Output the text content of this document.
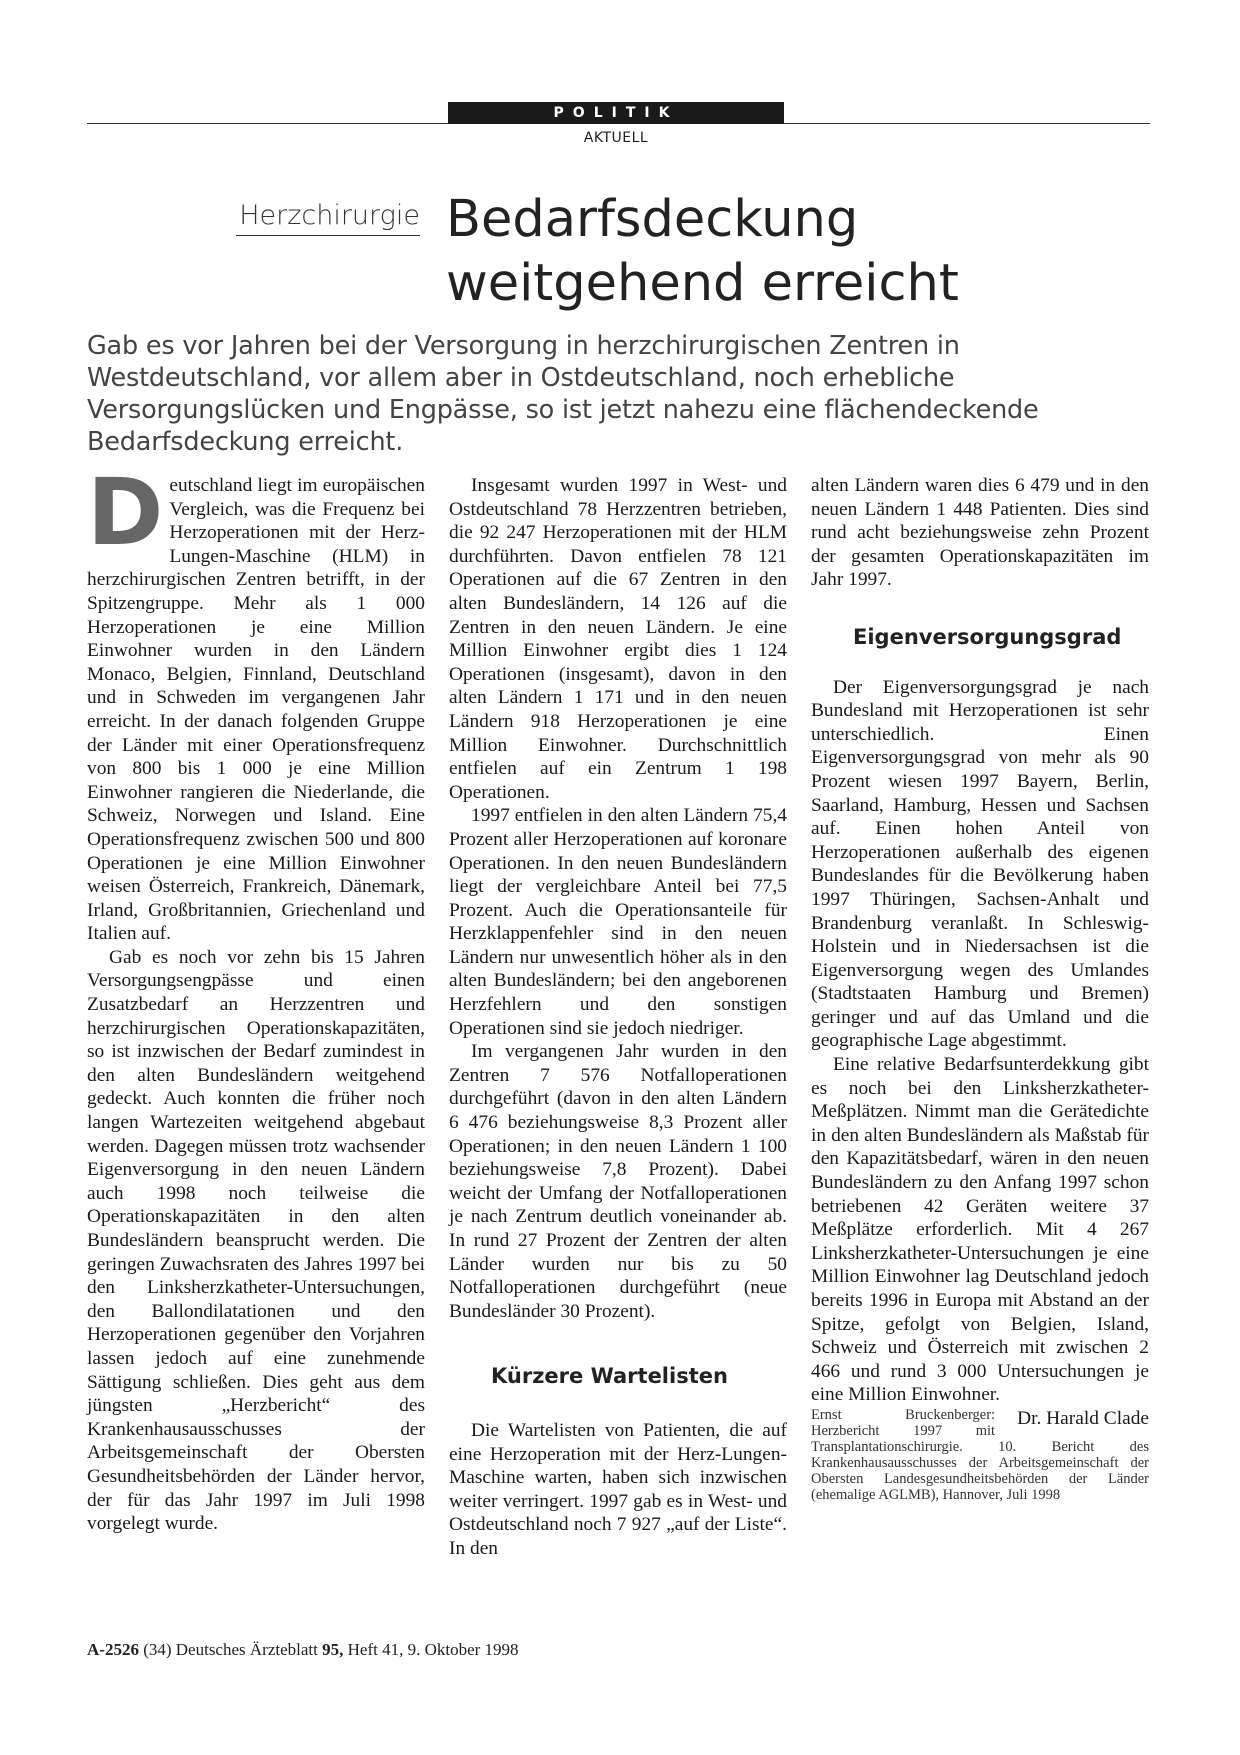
POLITIK
AKTUELL
Herzchirurgie Bedarfsdeckung
weitgehend erreicht
Gab es vor Jahren bei der Versorgung in herzchirurgischen Zentren in Westdeutschland, vor allem aber in Ostdeutschland, noch erhebliche Versorgungslücken und Engpässe, so ist jetzt nahezu eine flächendeckende Bedarfsdeckung erreicht.

Deutschland liegt im europäischen Vergleich, was die Frequenz bei Herzoperationen mit der Herz-Lungen-Maschine (HLM) in herzchirurgischen Zentren betrifft, in der Spitzengruppe. Mehr als 1 000 Herzoperationen je eine Million Einwohner wurden in den Ländern Monaco, Belgien, Finnland, Deutschland und in Schweden im vergangenen Jahr erreicht. In der danach folgenden Gruppe der Länder mit einer Operationsfrequenz von 800 bis 1 000 je eine Million Einwohner rangieren die Niederlande, die Schweiz, Norwegen und Island. Eine Operationsfrequenz zwischen 500 und 800 Operationen je eine Million Einwohner weisen Österreich, Frankreich, Dänemark, Irland, Großbritannien, Griechenland und Italien auf.

Gab es noch vor zehn bis 15 Jahren Versorgungsengpässe und einen Zusatzbedarf an Herzzentren und herzchirurgischen Operationskapazitäten, so ist inzwischen der Bedarf zumindest in den alten Bundesländern weitgehend gedeckt. Auch konnten die früher noch langen Wartezeiten weitgehend abgebaut werden. Dagegen müssen trotz wachsender Eigenversorgung in den neuen Ländern auch 1998 noch teilweise die Operationskapazitäten in den alten Bundesländern beansprucht werden. Die geringen Zuwachsraten des Jahres 1997 bei den Linksherzkatheter-Untersuchungen, den Ballondilatationen und den Herzoperationen gegenüber den Vorjahren lassen jedoch auf eine zunehmende Sättigung schließen. Dies geht aus dem jüngsten „Herzbericht“ des Krankenhausausschusses der Arbeitsgemeinschaft der Obersten Gesundheitsbehörden der Länder hervor, der für das Jahr 1997 im Juli 1998 vorgelegt wurde.

Insgesamt wurden 1997 in West- und Ostdeutschland 78 Herzzentren betrieben, die 92 247 Herzoperationen mit der HLM durchführten. Davon entfielen 78 121 Operationen auf die 67 Zentren in den alten Bundesländern, 14 126 auf die Zentren in den neuen Ländern. Je eine Million Einwohner ergibt dies 1 124 Operationen (insgesamt), davon in den alten Ländern 1 171 und in den neuen Ländern 918 Herzoperationen je eine Million Einwohner. Durchschnittlich entfielen auf ein Zentrum 1 198 Operationen.

1997 entfielen in den alten Ländern 75,4 Prozent aller Herzoperationen auf koronare Operationen. In den neuen Bundesländern liegt der vergleichbare Anteil bei 77,5 Prozent. Auch die Operationsanteile für Herzklappenfehler sind in den neuen Ländern nur unwesentlich höher als in den alten Bundesländern; bei den angeborenen Herzfehlern und den sonstigen Operationen sind sie jedoch niedriger.

Im vergangenen Jahr wurden in den Zentren 7 576 Notfalloperationen durchgeführt (davon in den alten Ländern 6 476 beziehungsweise 8,3 Prozent aller Operationen; in den neuen Ländern 1 100 beziehungsweise 7,8 Prozent). Dabei weicht der Umfang der Notfalloperationen je nach Zentrum deutlich voneinander ab. In rund 27 Prozent der Zentren der alten Länder wurden nur bis zu 50 Notfalloperationen durchgeführt (neue Bundesländer 30 Prozent).

Kürzere Wartelisten

Die Wartelisten von Patienten, die auf eine Herzoperation mit der Herz-Lungen-Maschine warten, haben sich inzwischen weiter verringert. 1997 gab es in West- und Ostdeutschland noch 7 927 „auf der Liste“. In den

alten Ländern waren dies 6 479 und in den neuen Ländern 1 448 Patienten. Dies sind rund acht beziehungsweise zehn Prozent der gesamten Operationskapazitäten im Jahr 1997.

Eigenversorgungsgrad

Der Eigenversorgungsgrad je nach Bundesland mit Herzoperationen ist sehr unterschiedlich. Einen Eigenversorgungsgrad von mehr als 90 Prozent wiesen 1997 Bayern, Berlin, Saarland, Hamburg, Hessen und Sachsen auf. Einen hohen Anteil von Herzoperationen außerhalb des eigenen Bundeslandes für die Bevölkerung haben 1997 Thüringen, Sachsen-Anhalt und Brandenburg veranlaßt. In Schleswig-Holstein und in Niedersachsen ist die Eigenversorgung wegen des Umlandes (Stadtstaaten Hamburg und Bremen) geringer und auf das Umland und die geographische Lage abgestimmt.

Eine relative Bedarfsunterdekkung gibt es noch bei den Linksherzkatheter-Meßplätzen. Nimmt man die Gerätedichte in den alten Bundesländern als Maßstab für den Kapazitätsbedarf, wären in den neuen Bundesländern zu den Anfang 1997 schon betriebenen 42 Geräten weitere 37 Meßplätze erforderlich. Mit 4 267 Linksherzkatheter-Untersuchungen je eine Million Einwohner lag Deutschland jedoch bereits 1996 in Europa mit Abstand an der Spitze, gefolgt von Belgien, Island, Schweiz und Österreich mit zwischen 2 466 und rund 3 000 Untersuchungen je eine Million Einwohner.
Dr. Harald Clade

Ernst Bruckenberger: Herzbericht 1997 mit Transplantationschirurgie. 10. Bericht des Krankenhausausschusses der Arbeitsgemeinschaft der Obersten Landesgesundheitsbehörden der Länder (ehemalige AGLMB), Hannover, Juli 1998

A-2526 (34) Deutsches Ärzteblatt 95, Heft 41, 9. Oktober 1998
